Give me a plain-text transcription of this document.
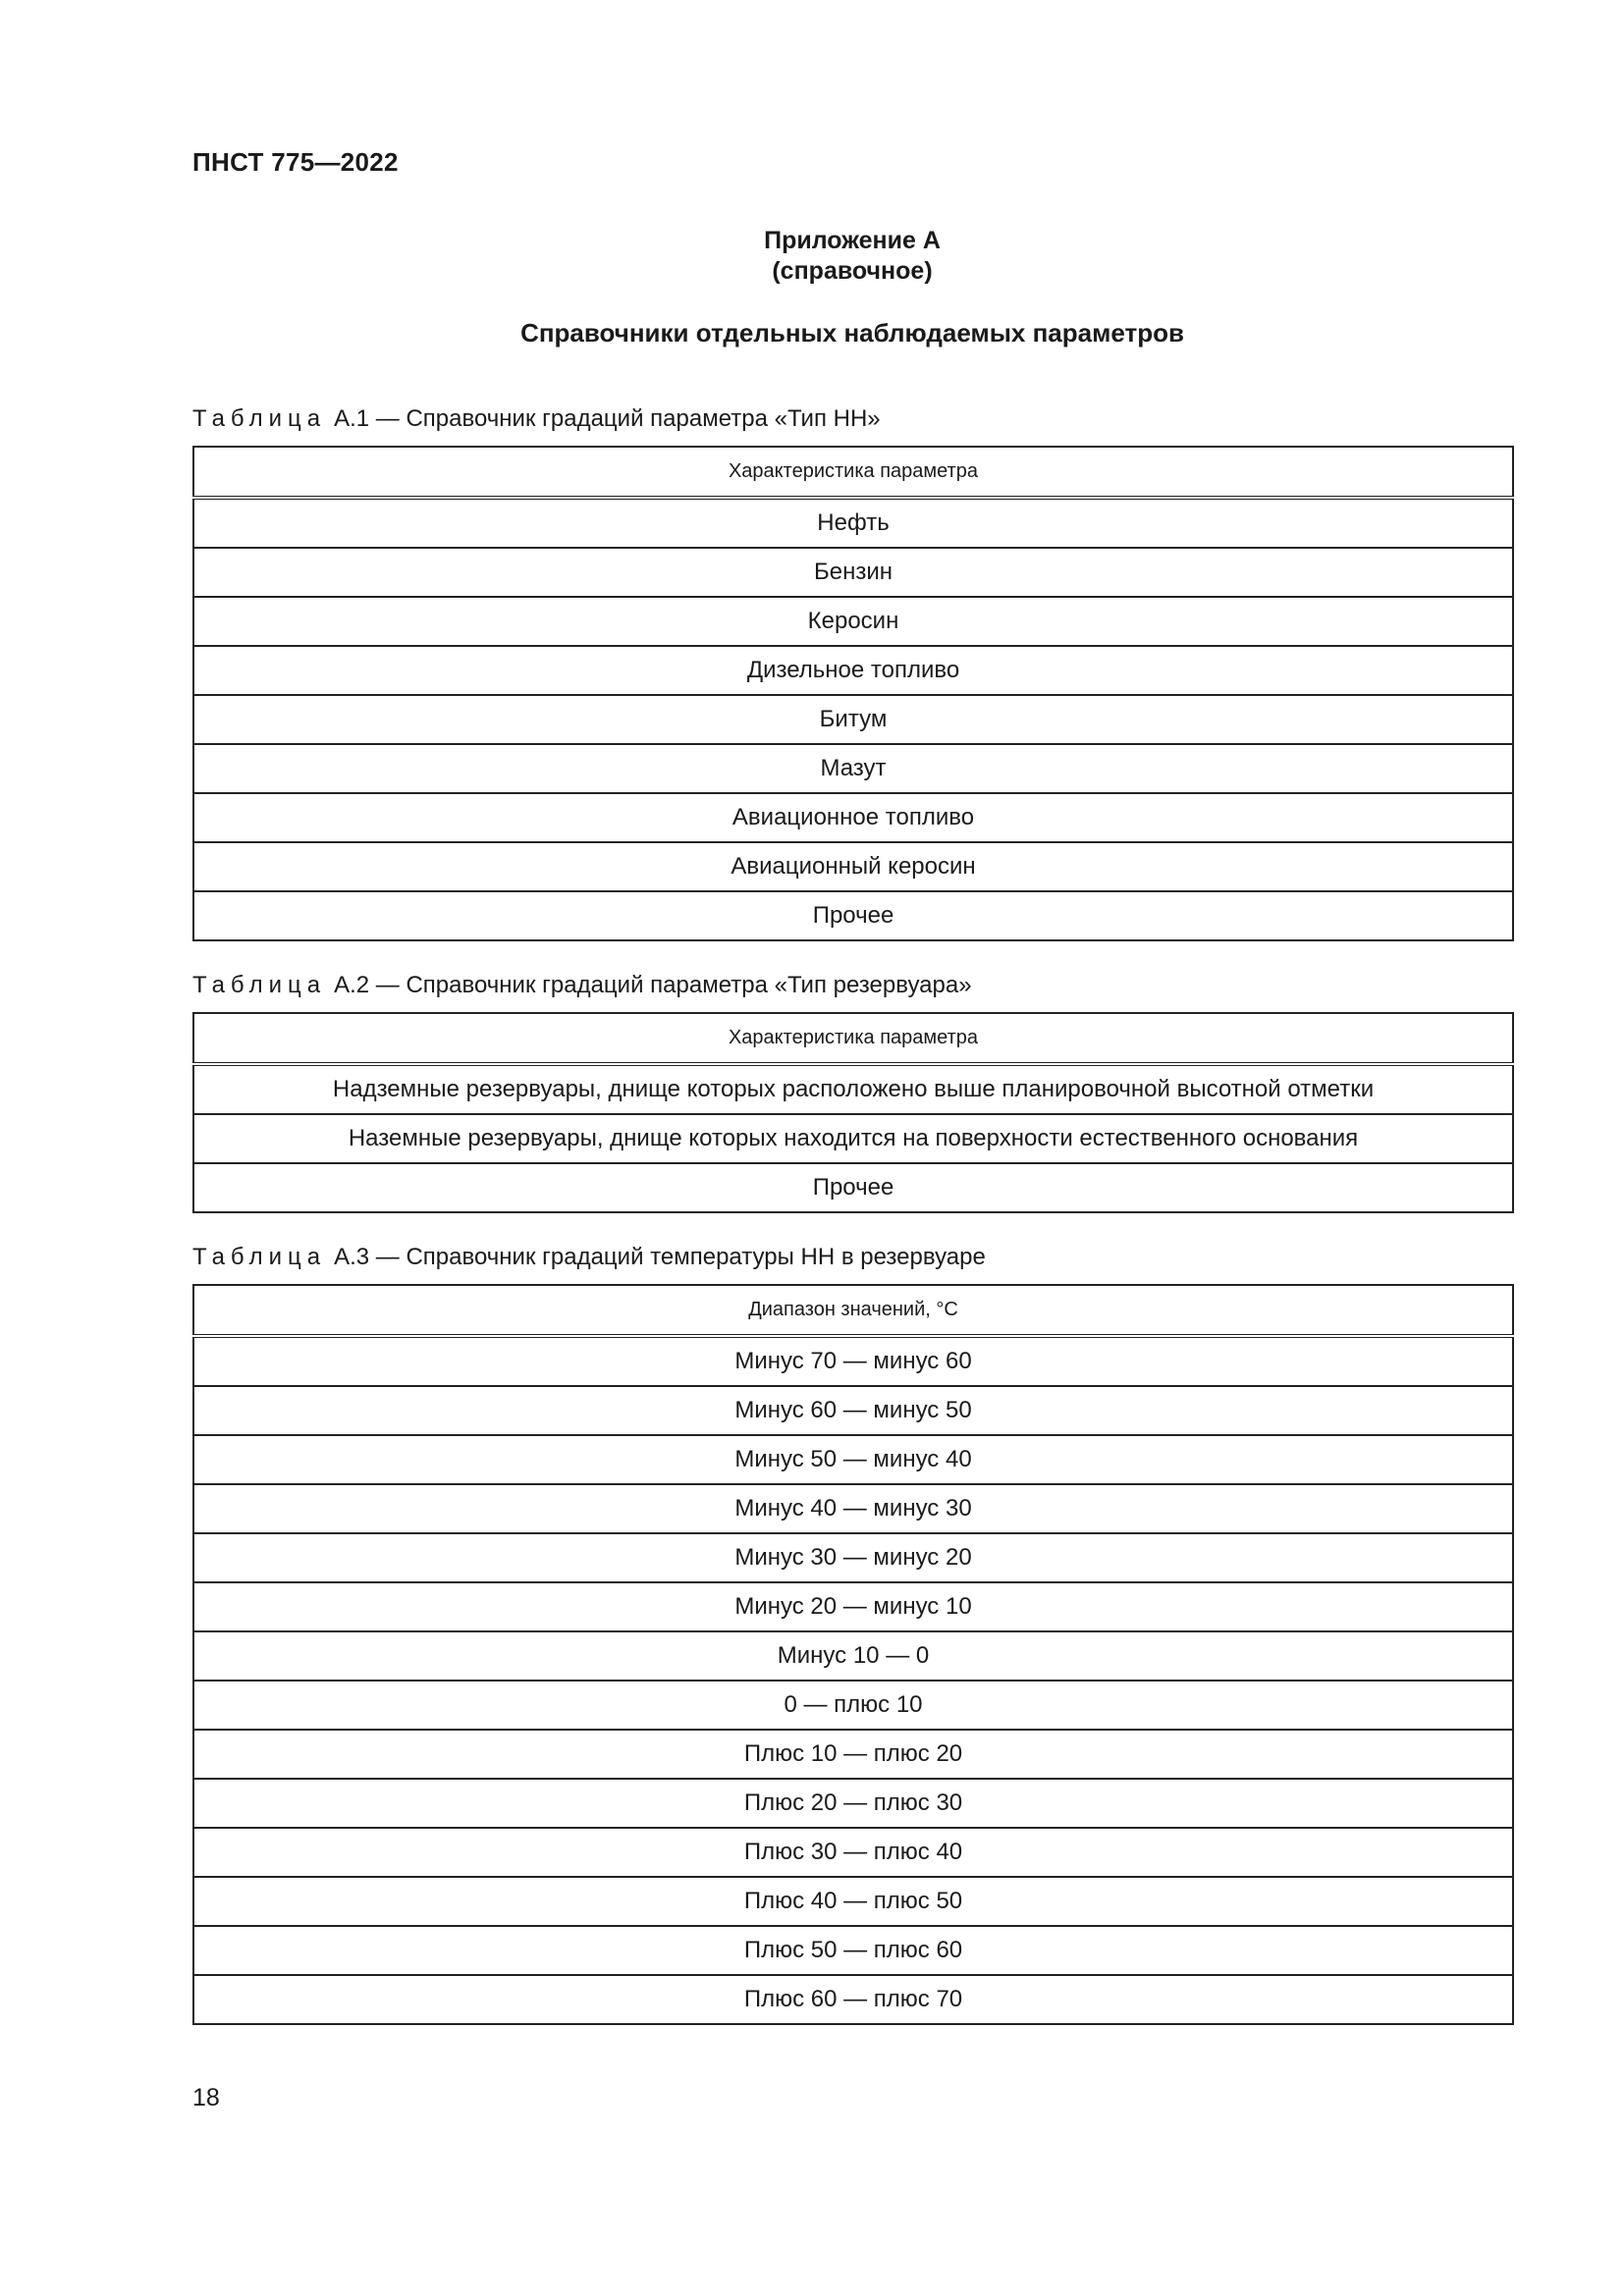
ПНСТ 775—2022
Приложение А
(справочное)
Справочники отдельных наблюдаемых параметров
Таблица А.1 — Справочник градаций параметра «Тип НН»
Характеристика параметра
Нефть
Бензин
Керосин
Дизельное топливо
Битум
Мазут
Авиационное топливо
Авиационный керосин
Прочее
Таблица А.2 — Справочник градаций параметра «Тип резервуара»
Характеристика параметра
Надземные резервуары, днище которых расположено выше планировочной высотной отметки
Наземные резервуары, днище которых находится на поверхности естественного основания
Прочее
Таблица А.3 — Справочник градаций температуры НН в резервуаре
Диапазон значений, °С
Минус 70 — минус 60
Минус 60 — минус 50
Минус 50 — минус 40
Минус 40 — минус 30
Минус 30 — минус 20
Минус 20 — минус 10
Минус 10 — 0
0 — плюс 10
Плюс 10 — плюс 20
Плюс 20 — плюс 30
Плюс 30 — плюс 40
Плюс 40 — плюс 50
Плюс 50 — плюс 60
Плюс 60 — плюс 70
18
